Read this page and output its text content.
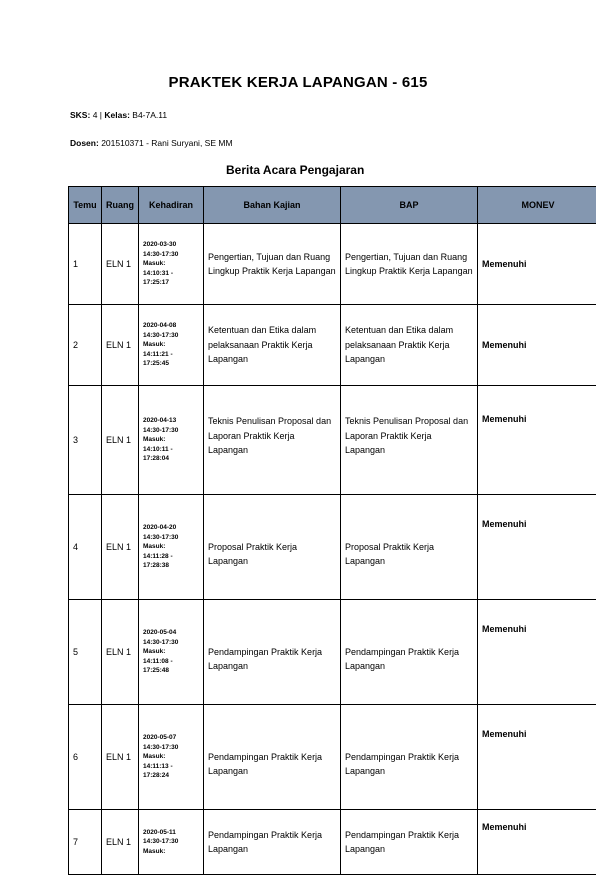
PRAKTEK KERJA LAPANGAN - 615
SKS: 4 | Kelas: B4-7A.11
Dosen: 201510371 - Rani Suryani, SE MM
Berita Acara Pengajaran
Temu	Ruang	Kehadiran	Bahan Kajian	BAP	MONEV
1	ELN 1	2020-03-30
14:30-17:30
Masuk:
14:10:31 -
17:25:17	Pengertian, Tujuan dan Ruang Lingkup Praktik Kerja Lapangan	Pengertian, Tujuan dan Ruang Lingkup Praktik Kerja Lapangan	Memenuhi
2	ELN 1	2020-04-08
14:30-17:30
Masuk:
14:11:21 -
17:25:45	Ketentuan dan Etika dalam pelaksanaan Praktik Kerja Lapangan	Ketentuan dan Etika dalam pelaksanaan Praktik Kerja Lapangan	Memenuhi
3	ELN 1	2020-04-13
14:30-17:30
Masuk:
14:10:11 -
17:28:04	Teknis Penulisan Proposal dan Laporan Praktik Kerja Lapangan	Teknis Penulisan Proposal dan Laporan Praktik Kerja Lapangan	Memenuhi
4	ELN 1	2020-04-20
14:30-17:30
Masuk:
14:11:28 -
17:28:38	Proposal Praktik Kerja Lapangan	Proposal Praktik Kerja Lapangan	Memenuhi
5	ELN 1	2020-05-04
14:30-17:30
Masuk:
14:11:08 -
17:25:48	Pendampingan Praktik Kerja Lapangan	Pendampingan Praktik Kerja Lapangan	Memenuhi
6	ELN 1	2020-05-07
14:30-17:30
Masuk:
14:11:13 -
17:28:24	Pendampingan Praktik Kerja Lapangan	Pendampingan Praktik Kerja Lapangan	Memenuhi
7	ELN 1	2020-05-11
14:30-17:30
Masuk:	Pendampingan Praktik Kerja Lapangan	Pendampingan Praktik Kerja Lapangan	Memenuhi
